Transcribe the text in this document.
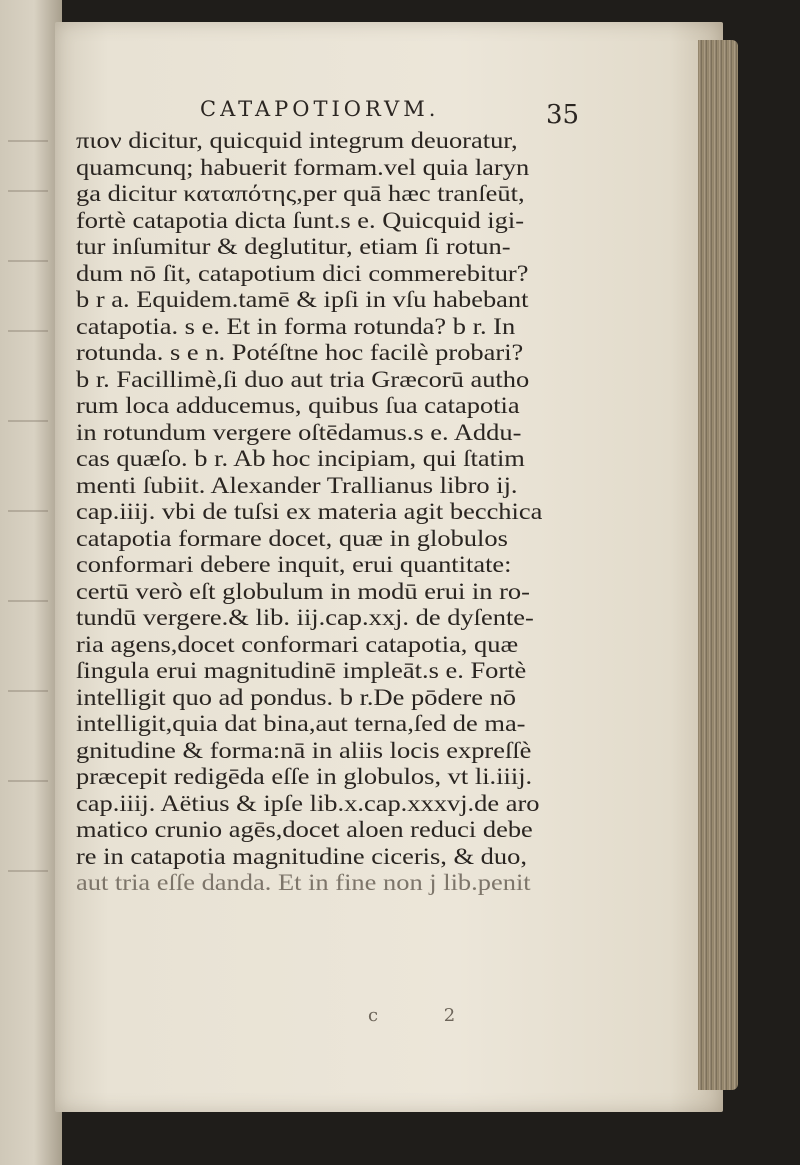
CATAPOTIORVM.	35
πιον dicitur, quicquid integrum deuoratur,
quamcunq; habuerit formam.vel quia laryn
ga dicitur καταπότης,per quā hæc tranſeūt,
fortè catapotia dicta ſunt.s e. Quicquid igi-
tur inſumitur & deglutitur, etiam ſi rotun-
dum nō ſit, catapotium dici commerebitur?
b r a. Equidem.tamē & ipſi in vſu habebant
catapotia. s e. Et in forma rotunda? b r. In
rotunda. s e n. Potéſtne hoc facilè probari?
b r. Facillimè,ſi duo aut tria Græcorū autho
rum loca adducemus, quibus ſua catapotia
in rotundum vergere oſtēdamus.s e. Addu-
cas quæſo. b r. Ab hoc incipiam, qui ſtatim
menti ſubiit. Alexander Trallianus libro ij.
cap.iiij. vbi de tuſsi ex materia agit becchica
catapotia formare docet, quæ in globulos
conformari debere inquit, erui quantitate:
certū verò eſt globulum in modū erui in ro-
tundū vergere.& lib. iij.cap.xxj. de dyſente-
ria agens,docet conformari catapotia, quæ
ſingula erui magnitudinē impleāt.s e. Fortè
intelligit quo ad pondus. b r.De pōdere nō
intelligit,quia dat bina,aut terna,ſed de ma-
gnitudine & forma:nā in aliis locis expreſſè
præcepit redigēda eſſe in globulos, vt li.iiij.
cap.iiij. Aëtius & ipſe lib.x.cap.xxxvj.de aro
matico crunio agēs,docet aloen reduci debe
re in catapotia magnitudine ciceris, & duo,
aut tria eſſe danda. Et in fine non j lib.penit
c 2
